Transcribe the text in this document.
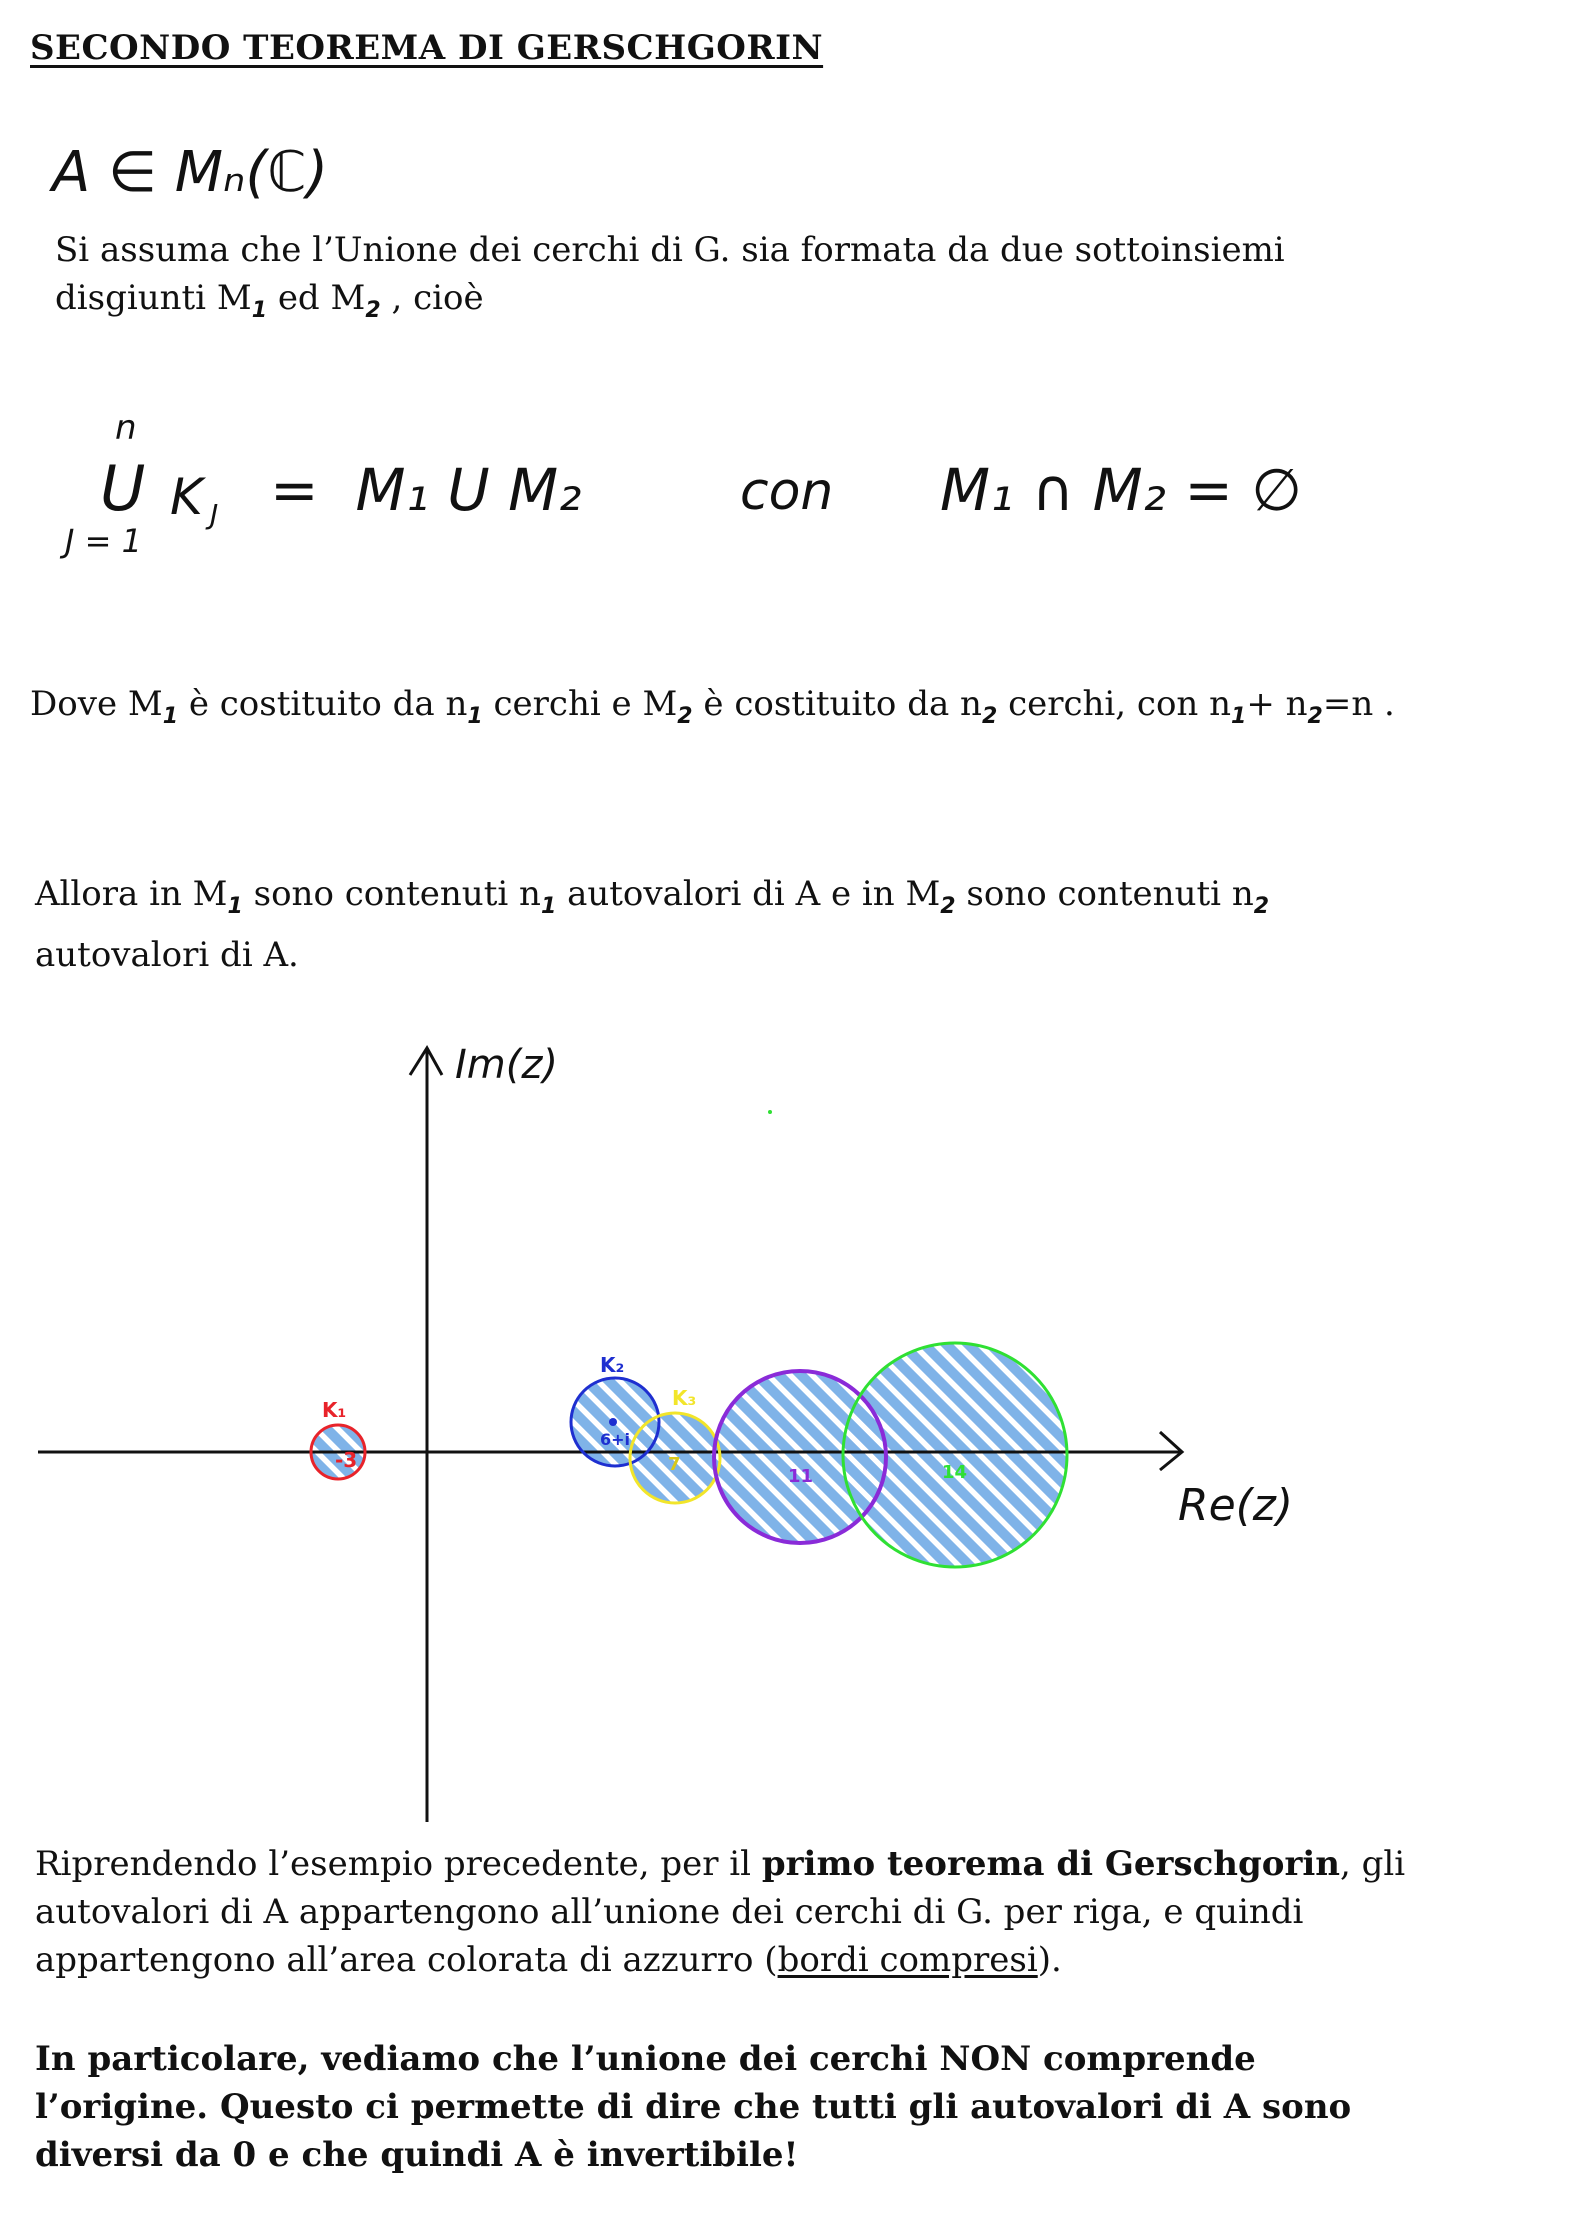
SECONDO TEOREMA DI GERSCHGORIN
A ∈ Mₙ(ℂ)
Si assuma che l’Unione dei cerchi di G. sia formata da due sottoinsiemi
disgiunti $M_1$ ed $M_2$ , cioè
n
U K J
J = 1
=  M₁ U M₂	con M₁ ∩ M₂ = ∅
Dove $M_1$ è costituito da $n_1$ cerchi e $M_2$ è costituito da $n_2$ cerchi, con $n_1+ n_2=n$ .
Allora in $M_1$ sono contenuti $n_1$ autovalori di A e in $M_2$ sono contenuti $n_2$
autovalori di A.
Im(z)
Re(z)
K₁
K₂
K₃
-3
6+i
7
11	14
Riprendendo l’esempio precedente, per il primo teorema di Gerschgorin, gli
autovalori di A appartengono all’unione dei cerchi di G. per riga, e quindi
appartengono all’area colorata di azzurro (bordi compresi).
In particolare, vediamo che l’unione dei cerchi NON comprende
l’origine. Questo ci permette di dire che tutti gli autovalori di A sono
diversi da 0 e che quindi A è invertibile!
